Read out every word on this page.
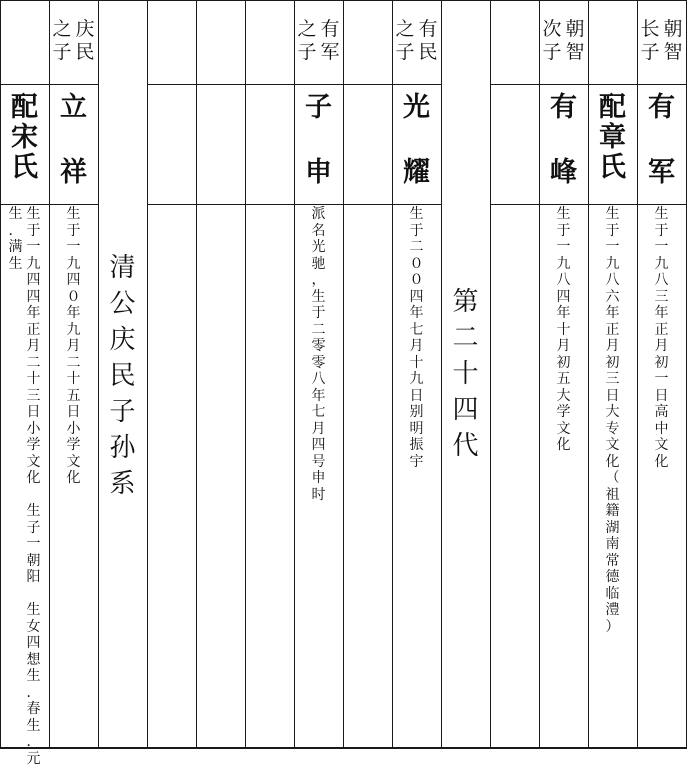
长
子
朝
智
有
军
生
于
一
九
八
三
年
正
月
初
一
日
高
中
文
化
配
章
氏
生
于
一
九
八
六
年
正
月
初
三
日
大
专
文
化
（
祖
籍
湖
南
常
德
临
澧
）
次
子
朝
智
有
峰
生
于
一
九
八
四
年
十
月
初
五
大
学
文
化
第
二
十
四
代
之
子
有
民
光
耀
生
于
二
０
０
四
年
七
月
十
九
日
别
明
振
宇
之
子
有
军
子
申
派
名
光
驰
，
生
于
二
零
零
八
年
七
月
四
号
申
时
清
公
庆
民
子
孙
系
之
子
庆
民
立
祥
生
于
一
九
四
０
年
九
月
二
十
五
日
小
学
文
化
配
宋
氏
生
于
一
九
四
四
年
正
月
二
十
三
日
小
学
文
化

生
子
一
朝
阳

生
女
四
想
生
．
春
生
．
元
生
．
满
生
